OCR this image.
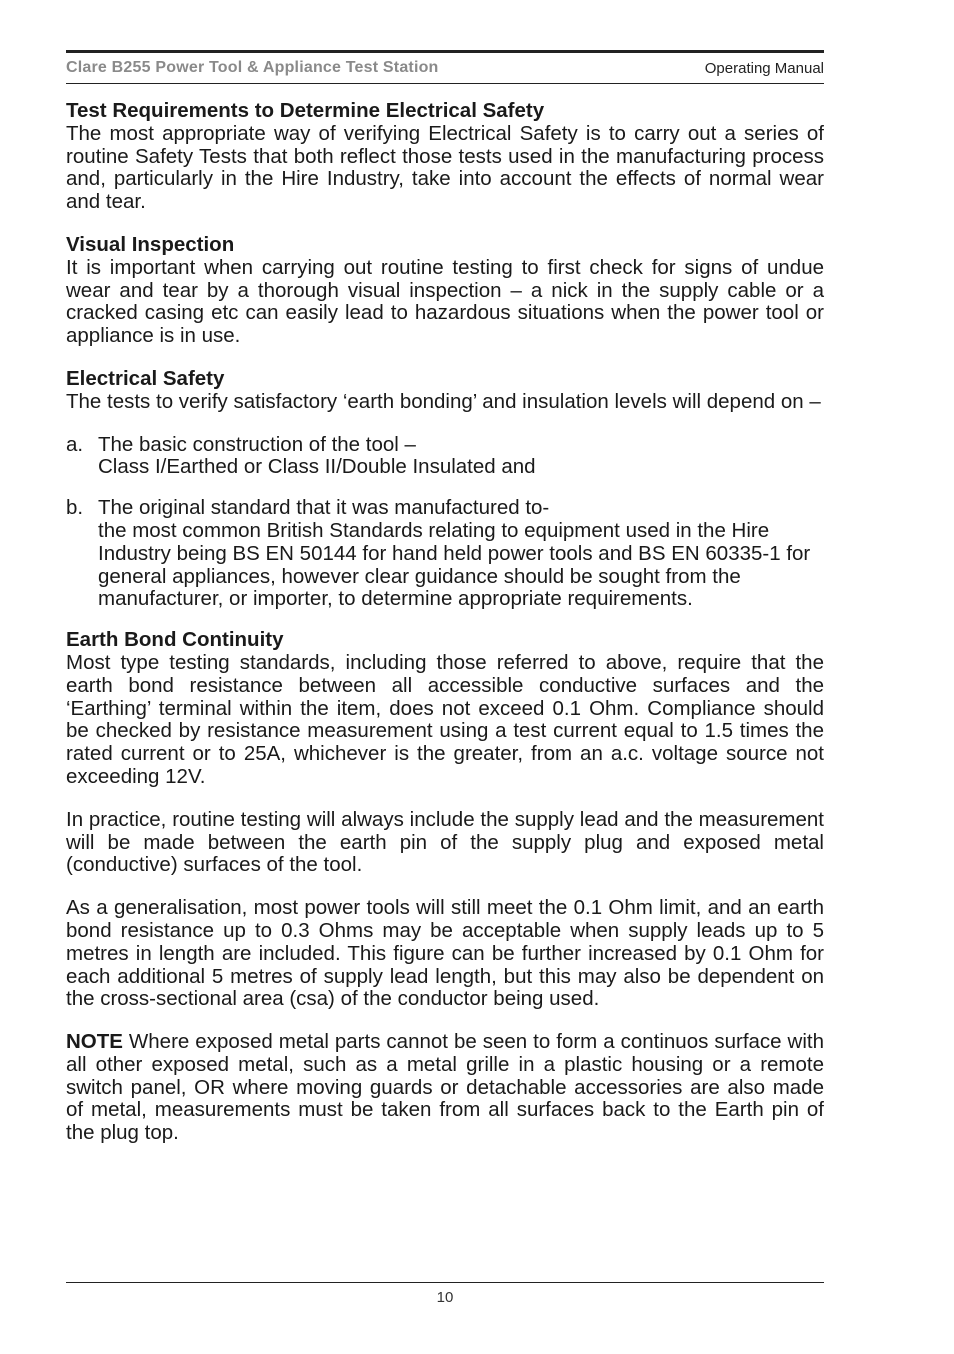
Clare B255 Power Tool & Appliance Test Station	Operating Manual
Test Requirements to Determine Electrical Safety
The most appropriate way of verifying Electrical Safety is to carry out a series of routine Safety Tests that both reflect those tests used in the manufacturing process and, particularly in the Hire Industry, take into account the effects of normal wear and tear.
Visual Inspection
It is important when carrying out routine testing to first check for signs of undue wear and tear by a thorough visual inspection – a nick in the supply cable or a cracked casing etc can easily lead to hazardous situations when the power tool or appliance is in use.
Electrical Safety
The tests to verify satisfactory ‘earth bonding’ and insulation levels will depend on –
a. The basic construction of the tool –
Class I/Earthed or Class II/Double Insulated and
b. The original standard that it was manufactured to-
the most common British Standards relating to equipment used in the Hire Industry being BS EN 50144 for hand held power tools and BS EN 60335-1 for general appliances, however clear guidance should be sought from the manufacturer, or importer, to determine appropriate requirements.
Earth Bond Continuity
Most type testing standards, including those referred to above, require that the earth bond resistance between all accessible conductive surfaces and the ‘Earthing’ terminal within the item, does not exceed 0.1 Ohm. Compliance should be checked by resistance measurement using a test current equal to 1.5 times the rated current or to 25A, whichever is the greater, from an a.c. voltage source not exceeding 12V.
In practice, routine testing will always include the supply lead and the measurement will be made between the earth pin of the supply plug and exposed metal (conductive) surfaces of the tool.
As a generalisation, most power tools will still meet the 0.1 Ohm limit, and an earth bond resistance up to 0.3 Ohms may be acceptable when supply leads up to 5 metres in length are included. This figure can be further increased by 0.1 Ohm for each additional 5 metres of supply lead length, but this may also be dependent on the cross-sectional area (csa) of the conductor being used.
NOTE Where exposed metal parts cannot be seen to form a continuos surface with all other exposed metal, such as a metal grille in a plastic housing or a remote switch panel, OR where moving guards or detachable accessories are also made of metal, measurements must be taken from all surfaces back to the Earth pin of the plug top.
10
